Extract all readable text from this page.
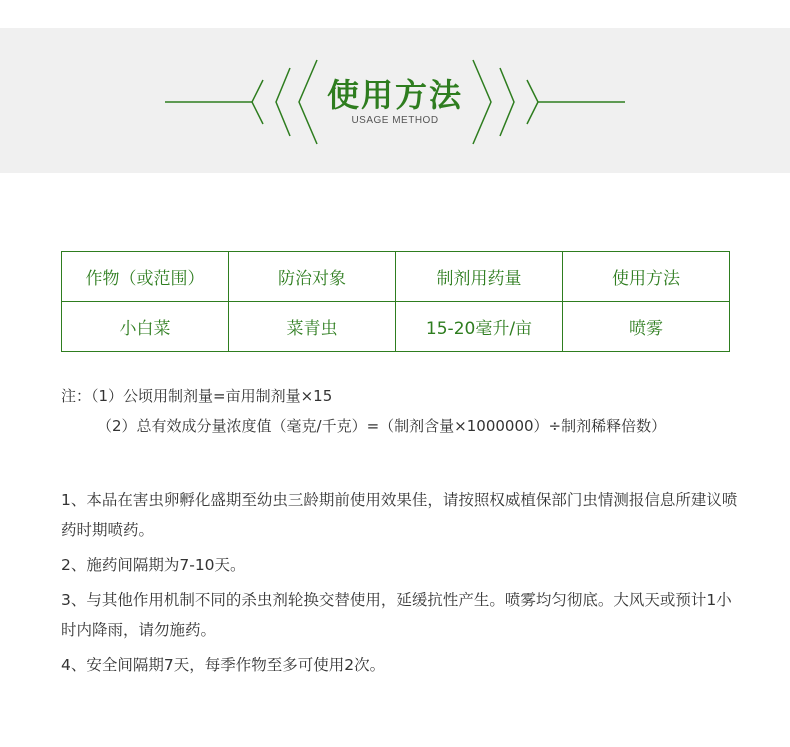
使用方法
USAGE METHOD
作物（或范围）	防治对象	制剂用药量	使用方法
小白菜	菜青虫	15-20毫升/亩	喷雾
注：（1）公顷用制剂量=亩用制剂量×15
（2）总有效成分量浓度值（毫克/千克）=（制剂含量×1000000）÷制剂稀释倍数）
1、本品在害虫卵孵化盛期至幼虫三龄期前使用效果佳，请按照权威植保部门虫情测报信息所建议喷药时期喷药。
2、施药间隔期为7-10天。
3、与其他作用机制不同的杀虫剂轮换交替使用，延缓抗性产生。喷雾均匀彻底。大风天或预计1小时内降雨，请勿施药。
4、安全间隔期7天，每季作物至多可使用2次。
